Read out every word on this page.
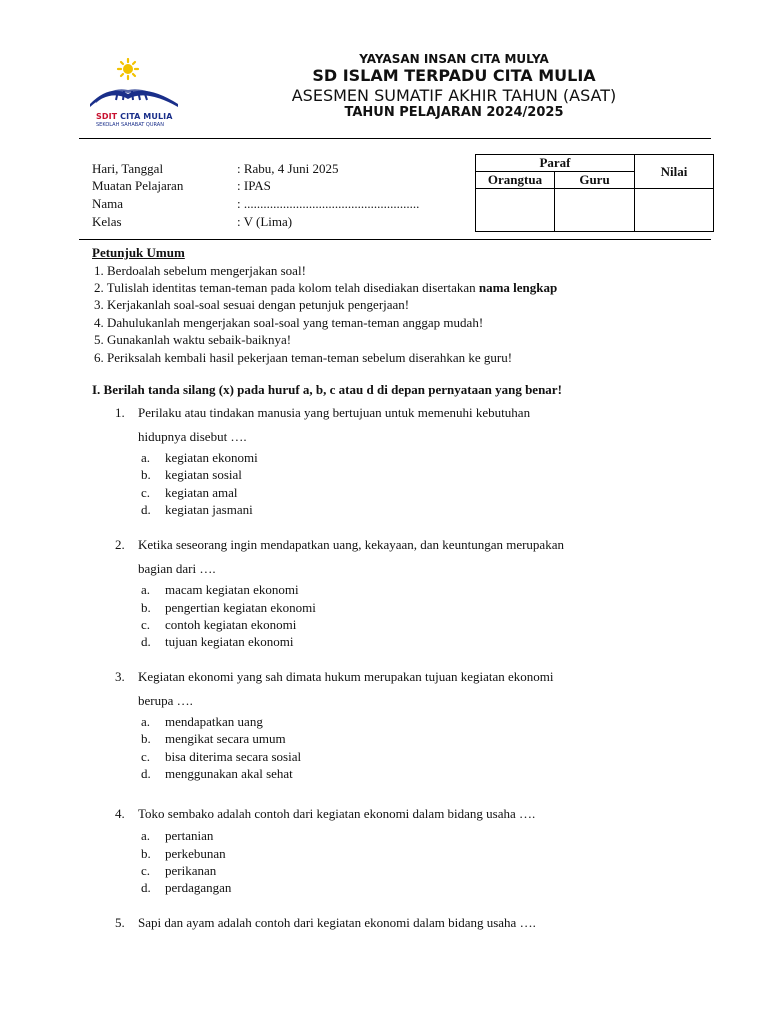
SDIT CITA MULIA
SEKOLAH SAHABAT QURAN
YAYASAN INSAN CITA MULYA
SD ISLAM TERPADU CITA MULIA
ASESMEN SUMATIF AKHIR TAHUN (ASAT)
TAHUN PELAJARAN 2024/2025
Hari, Tanggal	: Rabu, 4 Juni 2025
Muatan Pelajaran	: IPAS
Nama	: ......................................................
Kelas	: V (Lima)
Paraf		Nilai
Orangtua	Guru	

Petunjuk Umum
1. Berdoalah sebelum mengerjakan soal!
2. Tulislah identitas teman-teman pada kolom telah disediakan disertakan nama lengkap
3. Kerjakanlah soal-soal sesuai dengan petunjuk pengerjaan!
4. Dahulukanlah mengerjakan soal-soal yang teman-teman anggap mudah!
5. Gunakanlah waktu sebaik-baiknya!
6. Periksalah kembali hasil pekerjaan teman-teman sebelum diserahkan ke guru!
I. Berilah tanda silang (x) pada huruf a, b, c atau d di depan pernyataan yang benar!
1. Perilaku atau tindakan manusia yang bertujuan untuk memenuhi kebutuhan
hidupnya disebut ….
a. kegiatan ekonomi
b. kegiatan sosial
c. kegiatan amal
d. kegiatan jasmani
2. Ketika seseorang ingin mendapatkan uang, kekayaan, dan keuntungan merupakan
bagian dari ….
a. macam kegiatan ekonomi
b. pengertian kegiatan ekonomi
c. contoh kegiatan ekonomi
d. tujuan kegiatan ekonomi
3. Kegiatan ekonomi yang sah dimata hukum merupakan tujuan kegiatan ekonomi
berupa ….
a. mendapatkan uang
b. mengikat secara umum
c. bisa diterima secara sosial
d. menggunakan akal sehat
4. Toko sembako adalah contoh dari kegiatan ekonomi dalam bidang usaha ….
a. pertanian
b. perkebunan
c. perikanan
d. perdagangan
5. Sapi dan ayam adalah contoh dari kegiatan ekonomi dalam bidang usaha ….
